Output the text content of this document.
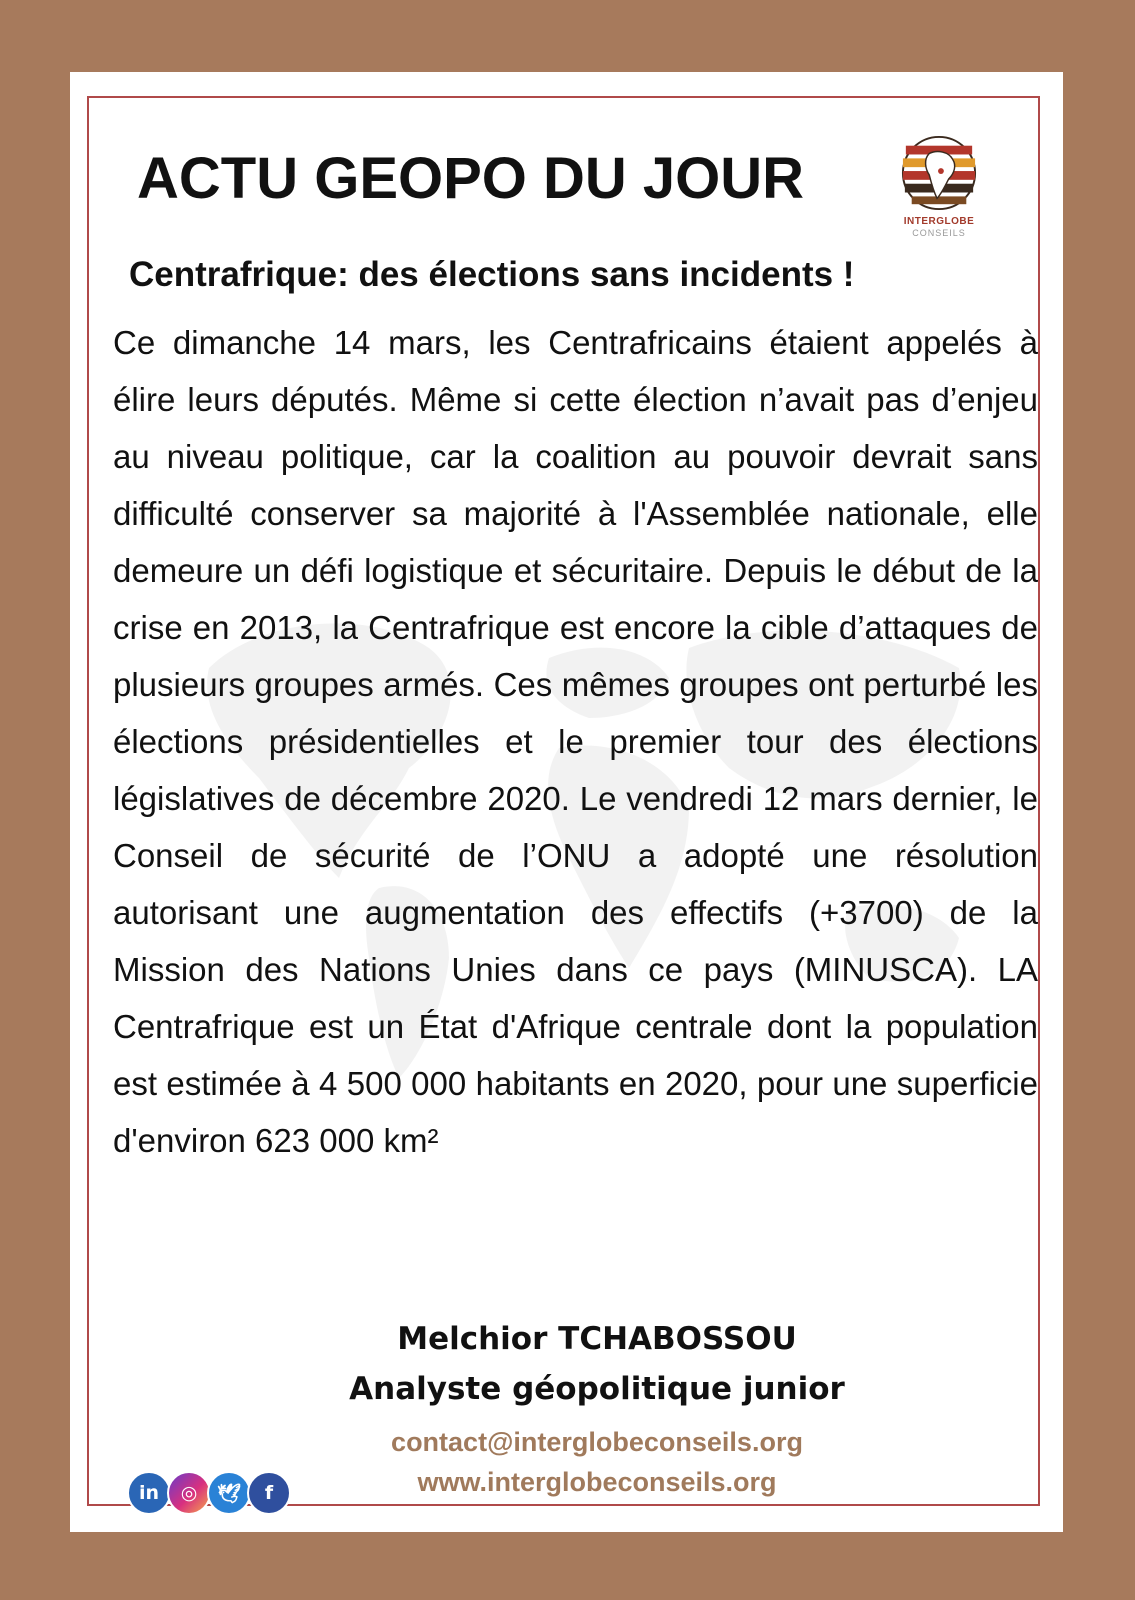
ACTU GEOPO DU JOUR
INTERGLOBE
CONSEILS
Centrafrique: des élections sans incidents !

Ce dimanche 14 mars, les Centrafricains étaient appelés à élire leurs députés. Même si cette élection n’avait pas d’enjeu au niveau politique, car la coalition au pouvoir devrait sans difficulté conserver sa majorité à l'Assemblée nationale, elle demeure un défi logistique et sécuritaire. Depuis le début de la crise en 2013, la Centrafrique est encore la cible d’attaques de plusieurs groupes armés. Ces mêmes groupes ont perturbé les élections présidentielles et le premier tour des élections législatives de décembre 2020. Le vendredi 12 mars dernier, le Conseil de sécurité de l’ONU a adopté une résolution autorisant une augmentation des effectifs (+3700) de la Mission des Nations Unies dans ce pays (MINUSCA). LA Centrafrique est un État d'Afrique centrale dont la population est estimée à 4 500 000 habitants en 2020, pour une superficie d'environ 623 000 km²

Melchior TCHABOSSOU
Analyste géopolitique junior
contact@interglobeconseils.org
www.interglobeconseils.org
in	◎	🕊	f
